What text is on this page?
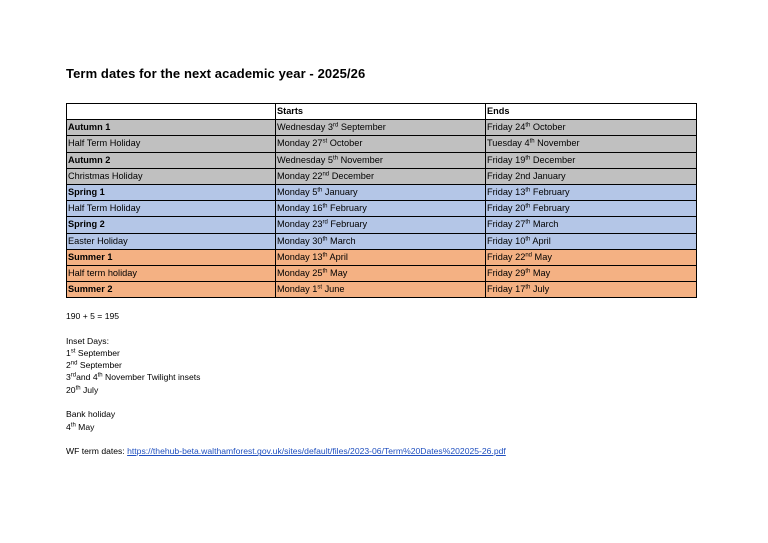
Term dates for the next academic year - 2025/26
	Starts	Ends
Autumn 1	Wednesday 3rd September	Friday 24th October
Half Term Holiday	Monday 27st October	Tuesday 4th November
Autumn 2	Wednesday 5th November	Friday 19th December
Christmas Holiday	Monday 22nd December	Friday 2nd January
Spring 1	Monday 5th January	Friday 13th February
Half Term Holiday	Monday 16th February	Friday 20th February
Spring 2	Monday 23rd February	Friday 27th March
Easter Holiday	Monday 30th March	Friday 10th April
Summer 1	Monday 13th April	Friday 22nd May
Half term holiday	Monday 25th May	Friday 29th May
Summer 2	Monday 1st June	Friday 17th July
190 + 5 = 195
Inset Days:
1st September
2nd September
3rdand 4th November Twilight insets
20th July
Bank holiday
4th May
WF term dates: https://thehub-beta.walthamforest.gov.uk/sites/default/files/2023-06/Term%20Dates%202025-26.pdf
